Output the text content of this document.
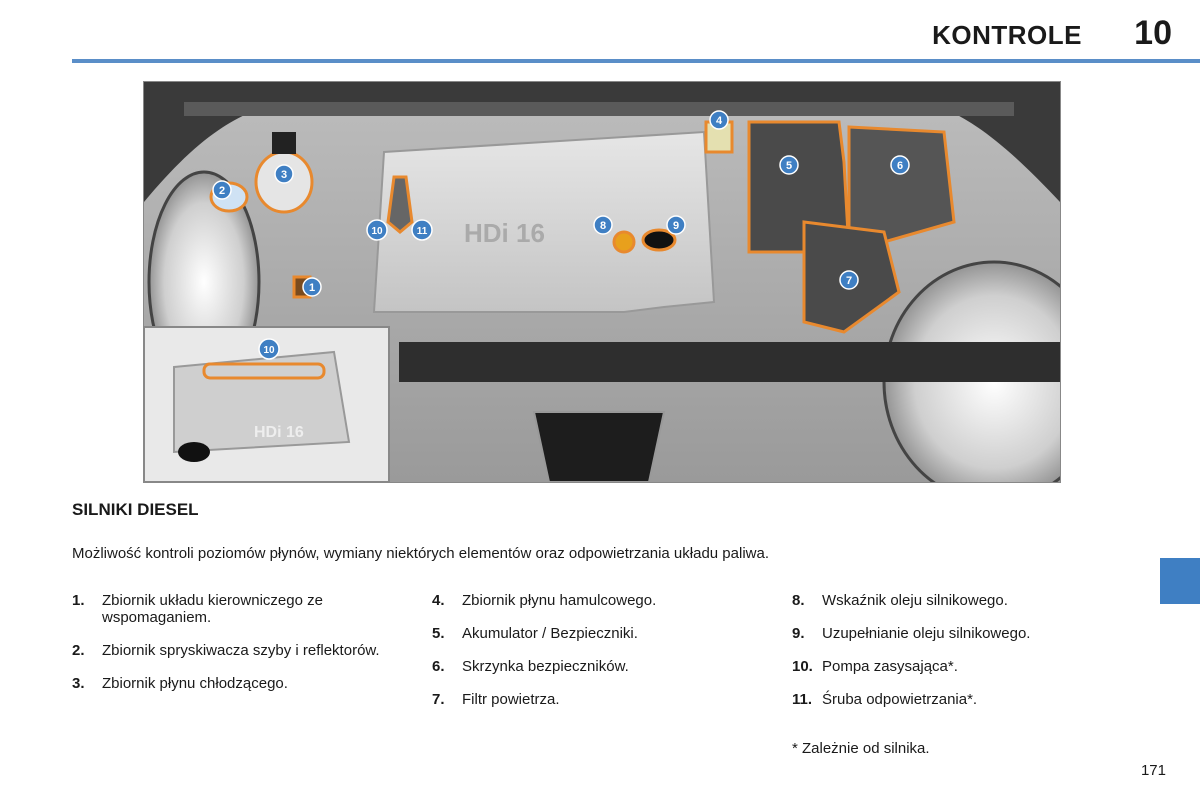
KONTROLE 10
HDi 16
HDi 16
1
2
3
4
5	6
7
8	9
10	11
10
SILNIKI DIESEL
Możliwość kontroli poziomów płynów, wymiany niektórych elementów oraz odpowietrzania układu paliwa.
1.	Zbiornik układu kierowniczego ze wspomaganiem.
2.	Zbiornik spryskiwacza szyby i reflektorów.
3.	Zbiornik płynu chłodzącego.
4.	Zbiornik płynu hamulcowego.
5.	Akumulator / Bezpieczniki.
6.	Skrzynka bezpieczników.
7.	Filtr powietrza.
8.	Wskaźnik oleju silnikowego.
9.	Uzupełnianie oleju silnikowego.
10. Pompa zasysająca*.
11. Śruba odpowietrzania*.
* Zależnie od silnika.
171
